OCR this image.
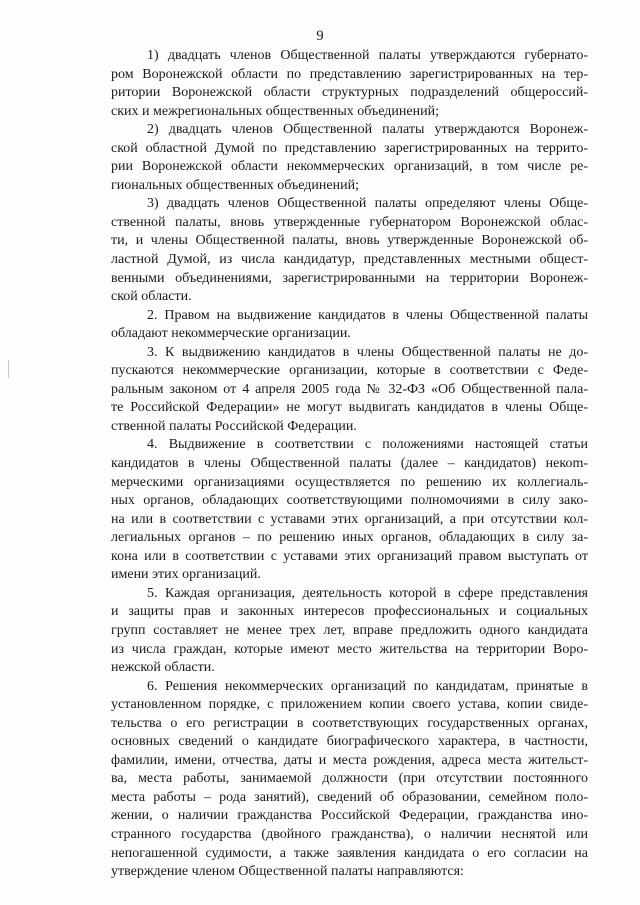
9
1) двадцать членов Общественной палаты утверждаются губернато-
ром Воронежской области по представлению зарегистрированных на тер-
ритории Воронежской области структурных подразделений общероссий-
ских и межрегиональных общественных объединений;
2) двадцать членов Общественной палаты утверждаются Воронеж-
ской областной Думой по представлению зарегистрированных на террито-
рии Воронежской области некоммерческих организаций, в том числе ре-
гиональных общественных объединений;
3) двадцать членов Общественной палаты определяют члены Обще-
ственной палаты, вновь утвержденные губернатором Воронежской облас-
ти, и члены Общественной палаты, вновь утвержденные Воронежской об-
ластной Думой, из числа кандидатур, представленных местными общест-
венными объединениями, зарегистрированными на территории Воронеж-
ской области.
2. Правом на выдвижение кандидатов в члены Общественной палаты
обладают некоммерческие организации.
3. К выдвижению кандидатов в члены Общественной палаты не до-
пускаются некоммерческие организации, которые в соответствии с Феде-
ральным законом от 4 апреля 2005 года № 32-ФЗ «Об Общественной пала-
те Российской Федерации» не могут выдвигать кандидатов в члены Обще-
ственной палаты Российской Федерации.
4. Выдвижение в соответствии с положениями настоящей статьи
кандидатов в члены Общественной палаты (далее – кандидатов) некоm-
мерческими организациями осуществляется по решению их коллегиаль-
ных органов, обладающих соответствующими полномочиями в силу зако-
на или в соответствии с уставами этих организаций, а при отсутствии кол-
легиальных органов – по решению иных органов, обладающих в силу за-
кона или в соответствии с уставами этих организаций правом выступать от
имени этих организаций.
5. Каждая организация, деятельность которой в сфере представления
и защиты прав и законных интересов профессиональных и социальных
групп составляет не менее трех лет, вправе предложить одного кандидата
из числа граждан, которые имеют место жительства на территории Воро-
нежской области.
6. Решения некоммерческих организаций по кандидатам, принятые в
установленном порядке, с приложением копии своего устава, копии свиде-
тельства о его регистрации в соответствующих государственных органах,
основных сведений о кандидате биографического характера, в частности,
фамилии, имени, отчества, даты и места рождения, адреса места жительст-
ва, места работы, занимаемой должности (при отсутствии постоянного
места работы – рода занятий), сведений об образовании, семейном поло-
жении, о наличии гражданства Российской Федерации, гражданства ино-
странного государства (двойного гражданства), о наличии неснятой или
непогашенной судимости, а также заявления кандидата о его согласии на
утверждение членом Общественной палаты направляются:
